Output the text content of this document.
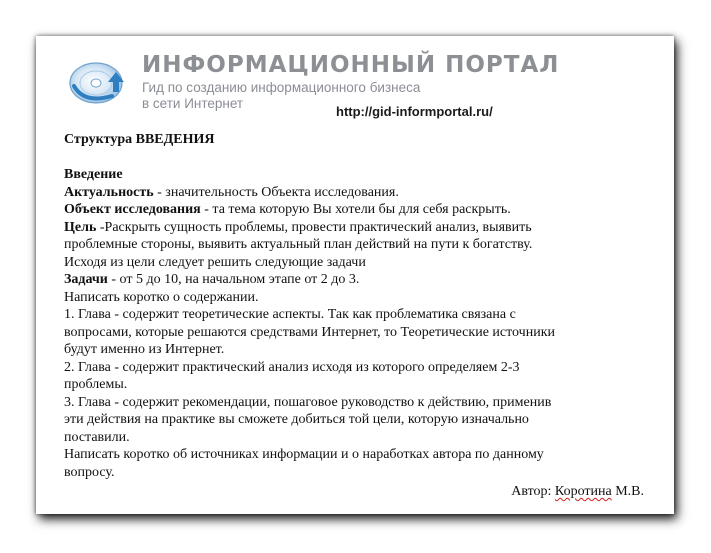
ИНФОРМАЦИОННЫЙ ПОРТАЛ
Гид по созданию информационного бизнеса
в сети Интернет
http://gid-informportal.ru/

Структура ВВЕДЕНИЯ

Введение

Актуальность - значительность Объекта исследования.

Объект исследования - та тема которую Вы хотели бы для себя раскрыть.

Цель -Раскрыть сущность проблемы, провести практический анализ, выявить

проблемные стороны, выявить актуальный план действий на пути к богатству.

Исходя из цели следует решить следующие задачи

Задачи - от 5 до 10, на начальном этапе от 2 до 3.

Написать коротко о содержании.

1. Глава - содержит теоретические аспекты. Так как проблематика связана с

вопросами, которые решаются средствами Интернет, то Теоретические источники

будут именно из Интернет.

2. Глава - содержит практический анализ исходя из которого определяем 2-3

проблемы.

3. Глава - содержит рекомендации, пошаговое руководство к действию, применив

эти действия на практике вы сможете добиться той цели, которую изначально

поставили.

Написать коротко об источниках информации и о наработках автора по данному

вопросу.

Автор: Коротина М.В.
